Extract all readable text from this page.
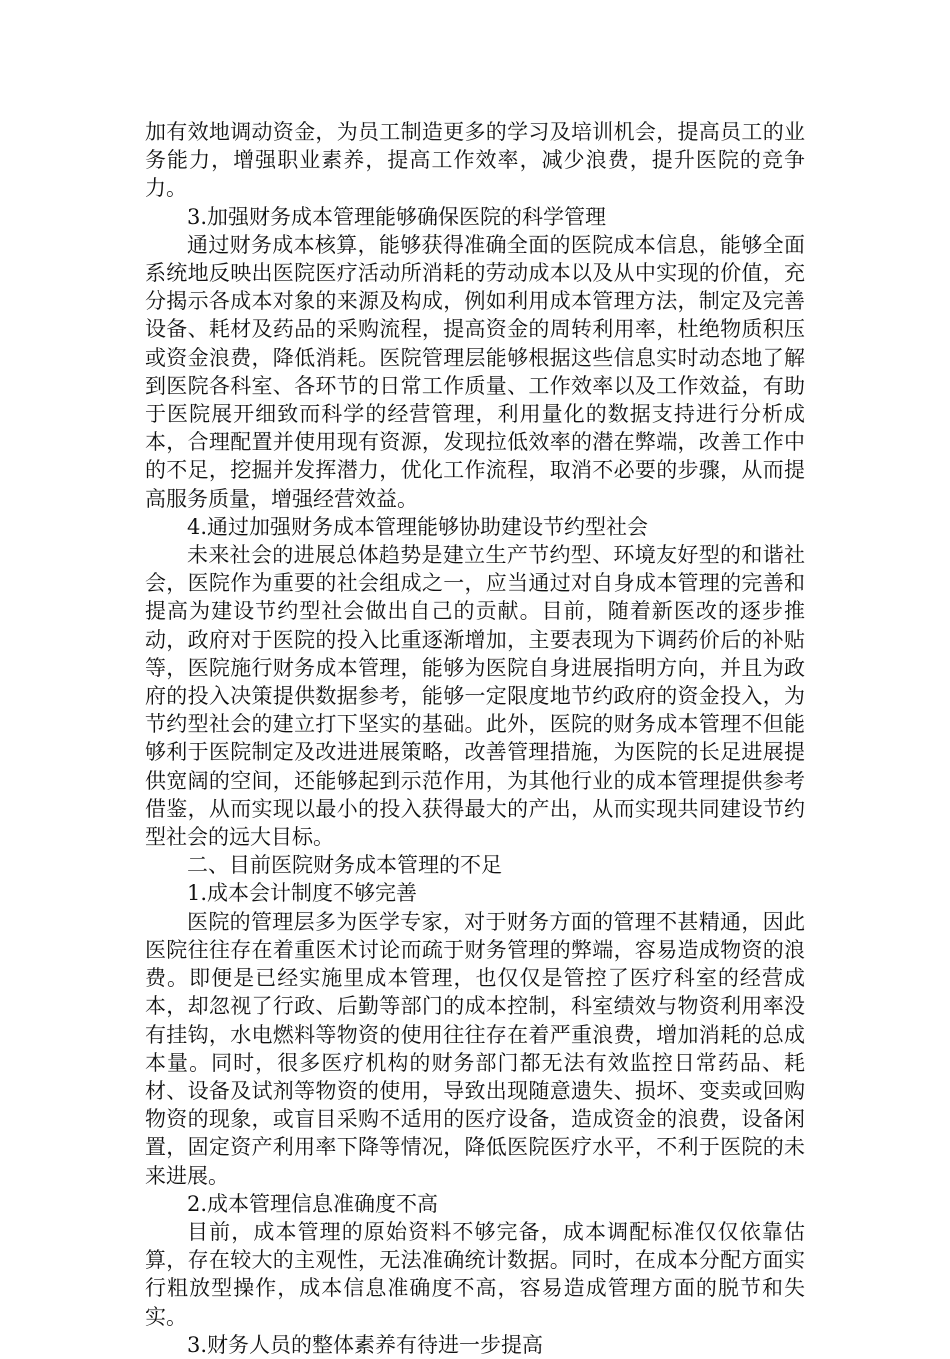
加有效地调动资金，为员工制造更多的学习及培训机会，提高员工的业务能力，增强职业素养，提高工作效率，减少浪费，提升医院的竞争力。

3.加强财务成本管理能够确保医院的科学管理

通过财务成本核算，能够获得准确全面的医院成本信息，能够全面系统地反映出医院医疗活动所消耗的劳动成本以及从中实现的价值，充分揭示各成本对象的来源及构成，例如利用成本管理方法，制定及完善设备、耗材及药品的采购流程，提高资金的周转利用率，杜绝物质积压或资金浪费，降低消耗。医院管理层能够根据这些信息实时动态地了解到医院各科室、各环节的日常工作质量、工作效率以及工作效益，有助于医院展开细致而科学的经营管理，利用量化的数据支持进行分析成本，合理配置并使用现有资源，发现拉低效率的潜在弊端，改善工作中的不足，挖掘并发挥潜力，优化工作流程，取消不必要的步骤，从而提高服务质量，增强经营效益。

4.通过加强财务成本管理能够协助建设节约型社会

未来社会的进展总体趋势是建立生产节约型、环境友好型的和谐社会，医院作为重要的社会组成之一，应当通过对自身成本管理的完善和提高为建设节约型社会做出自己的贡献。目前，随着新医改的逐步推动，政府对于医院的投入比重逐渐增加，主要表现为下调药价后的补贴等，医院施行财务成本管理，能够为医院自身进展指明方向，并且为政府的投入决策提供数据参考，能够一定限度地节约政府的资金投入，为节约型社会的建立打下坚实的基础。此外，医院的财务成本管理不但能够利于医院制定及改进进展策略，改善管理措施，为医院的长足进展提供宽阔的空间，还能够起到示范作用，为其他行业的成本管理提供参考借鉴，从而实现以最小的投入获得最大的产出，从而实现共同建设节约型社会的远大目标。

二、目前医院财务成本管理的不足

1.成本会计制度不够完善

医院的管理层多为医学专家，对于财务方面的管理不甚精通，因此医院往往存在着重医术讨论而疏于财务管理的弊端，容易造成物资的浪费。即便是已经实施里成本管理，也仅仅是管控了医疗科室的经营成本，却忽视了行政、后勤等部门的成本控制，科室绩效与物资利用率没有挂钩，水电燃料等物资的使用往往存在着严重浪费，增加消耗的总成本量。同时，很多医疗机构的财务部门都无法有效监控日常药品、耗材、设备及试剂等物资的使用，导致出现随意遗失、损坏、变卖或回购物资的现象，或盲目采购不适用的医疗设备，造成资金的浪费，设备闲置，固定资产利用率下降等情况，降低医院医疗水平，不利于医院的未来进展。

2.成本管理信息准确度不高

目前，成本管理的原始资料不够完备，成本调配标准仅仅依靠估算，存在较大的主观性，无法准确统计数据。同时，在成本分配方面实行粗放型操作，成本信息准确度不高，容易造成管理方面的脱节和失实。

3.财务人员的整体素养有待进一步提高
